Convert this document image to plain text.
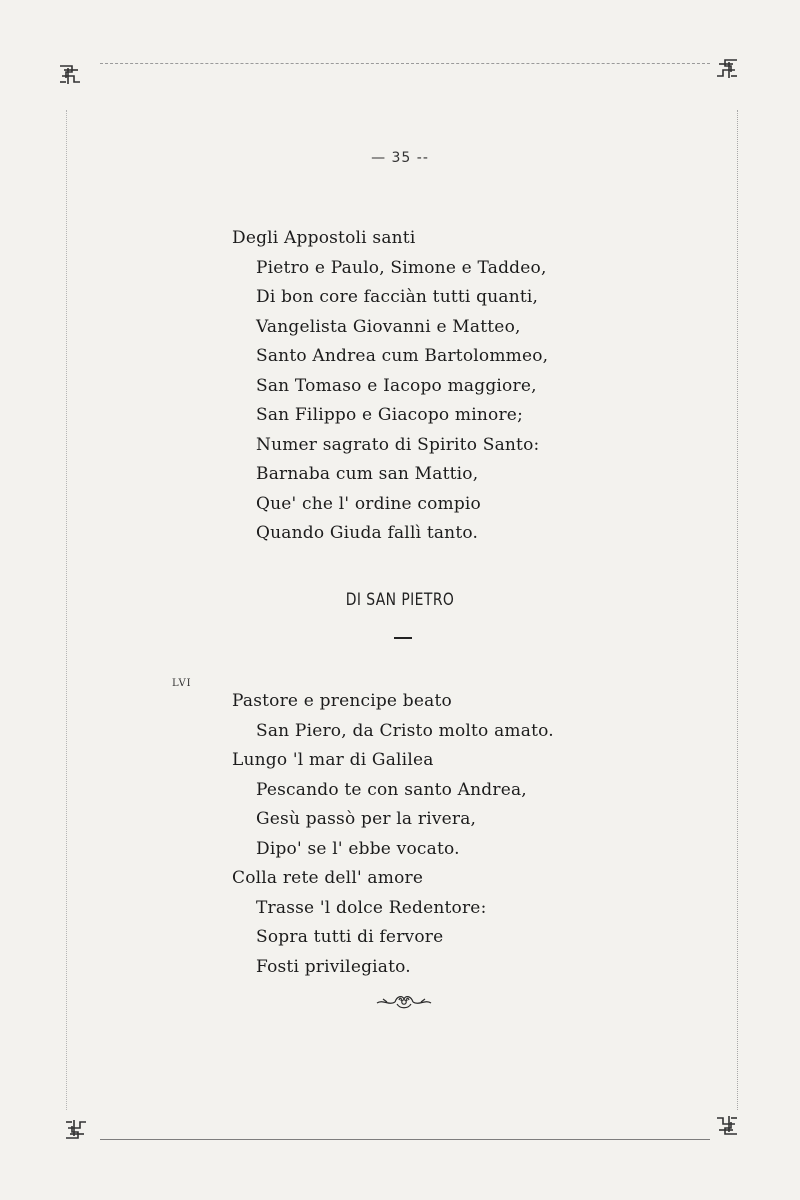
— 35 --
Degli Appostoli santi
Pietro e Paulo, Simone e Taddeo,
Di bon core facciàn tutti quanti,
Vangelista Giovanni e Matteo,
Santo Andrea cum Bartolommeo,
San Tomaso e Iacopo maggiore,
San Filippo e Giacopo minore;
Numer sagrato di Spirito Santo:
Barnaba cum san Mattio,
Que' che l' ordine compio
Quando Giuda fallì tanto.
DI SAN PIETRO
LVI
Pastore e prencipe beato
San Piero, da Cristo molto amato.
Lungo 'l mar di Galilea
Pescando te con santo Andrea,
Gesù passò per la rivera,
Dipo' se l' ebbe vocato.
Colla rete dell' amore
Trasse 'l dolce Redentore:
Sopra tutti di fervore
Fosti privilegiato.
